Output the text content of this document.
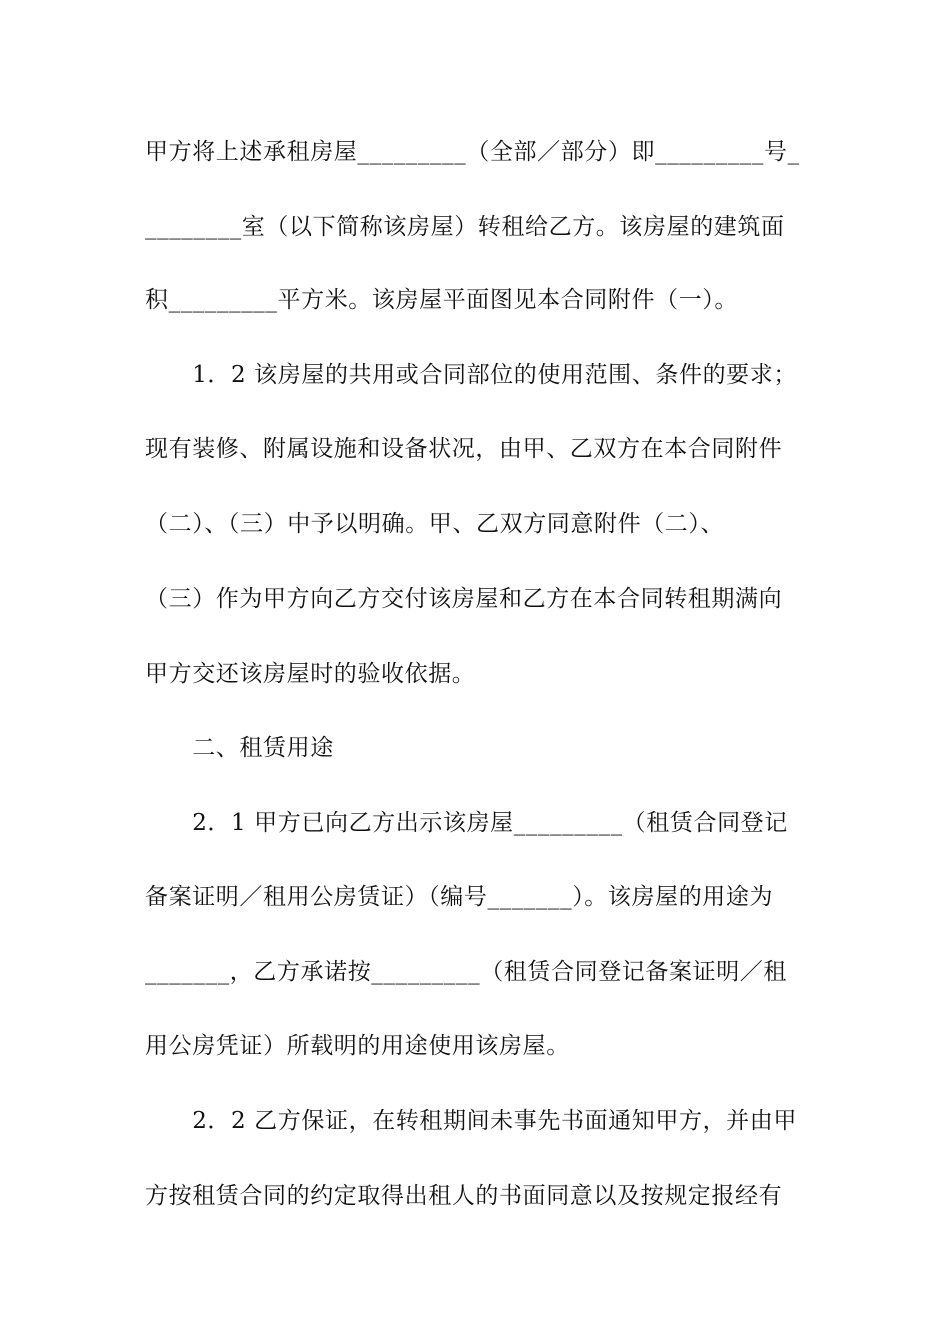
甲方将上述承租房屋_________（全部／部分）即_________号_
________室（以下简称该房屋）转租给乙方。该房屋的建筑面
积_________平方米。该房屋平面图见本合同附件（一）。
　　1．2 该房屋的共用或合同部位的使用范围、条件的要求；
现有装修、附属设施和设备状况，由甲、乙双方在本合同附件
（二）、（三）中予以明确。甲、乙双方同意附件（二）、
（三）作为甲方向乙方交付该房屋和乙方在本合同转租期满向
甲方交还该房屋时的验收依据。
　　二、租赁用途
　　2．1 甲方已向乙方出示该房屋_________（租赁合同登记
备案证明／租用公房赁证）（编号_______）。该房屋的用途为
_______，乙方承诺按_________（租赁合同登记备案证明／租
用公房凭证）所载明的用途使用该房屋。
　　2．2 乙方保证，在转租期间未事先书面通知甲方，并由甲
方按租赁合同的约定取得出租人的书面同意以及按规定报经有
